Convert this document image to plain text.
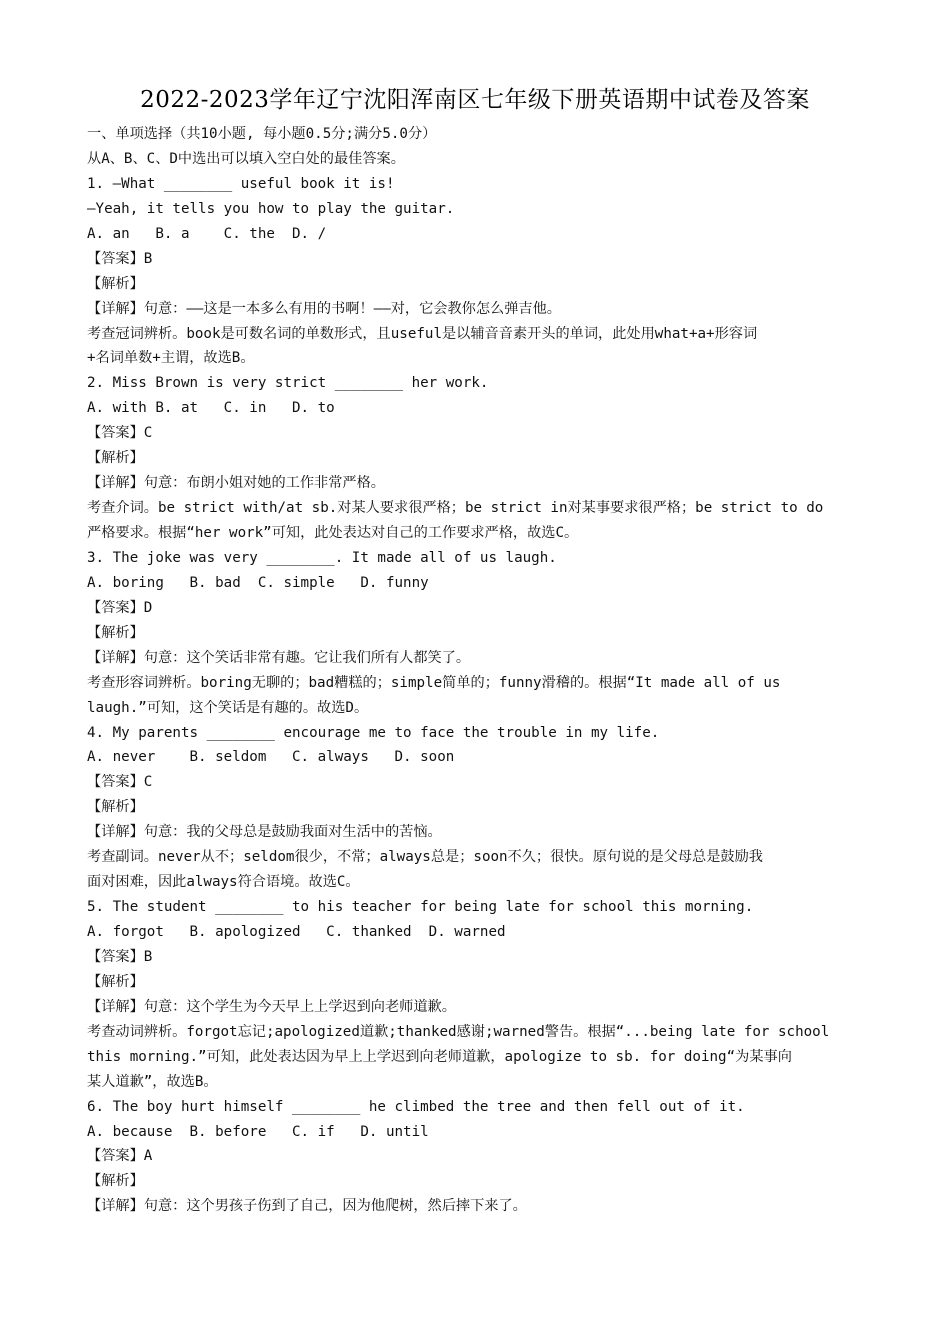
2022-2023学年辽宁沈阳浑南区七年级下册英语期中试卷及答案
一、单项选择（共10小题, 每小题0.5分;满分5.0分）
从A、B、C、D中选出可以填入空白处的最佳答案。
1. —What ________ useful book it is!
—Yeah, it tells you how to play the guitar.
A. an   B. a    C. the  D. /
【答案】B
【解析】
【详解】句意：——这是一本多么有用的书啊！——对，它会教你怎么弹吉他。
考查冠词辨析。book是可数名词的单数形式，且useful是以辅音音素开头的单词，此处用what+a+形容词
+名词单数+主谓，故选B。
2. Miss Brown is very strict ________ her work.
A. with B. at   C. in   D. to
【答案】C
【解析】
【详解】句意：布朗小姐对她的工作非常严格。
考查介词。be strict with/at sb.对某人要求很严格；be strict in对某事要求很严格；be strict to do
严格要求。根据“her work”可知，此处表达对自己的工作要求严格，故选C。
3. The joke was very ________. It made all of us laugh.
A. boring   B. bad  C. simple   D. funny
【答案】D
【解析】
【详解】句意：这个笑话非常有趣。它让我们所有人都笑了。
考查形容词辨析。boring无聊的；bad糟糕的；simple简单的；funny滑稽的。根据“It made all of us
laugh.”可知，这个笑话是有趣的。故选D。
4. My parents ________ encourage me to face the trouble in my life.
A. never    B. seldom   C. always   D. soon
【答案】C
【解析】
【详解】句意：我的父母总是鼓励我面对生活中的苦恼。
考查副词。never从不；seldom很少，不常；always总是；soon不久；很快。原句说的是父母总是鼓励我
面对困难，因此always符合语境。故选C。
5. The student ________ to his teacher for being late for school this morning.
A. forgot   B. apologized   C. thanked  D. warned
【答案】B
【解析】
【详解】句意：这个学生为今天早上上学迟到向老师道歉。
考查动词辨析。forgot忘记;apologized道歉;thanked感谢;warned警告。根据“...being late for school
this morning.”可知，此处表达因为早上上学迟到向老师道歉，apologize to sb. for doing“为某事向
某人道歉”，故选B。
6. The boy hurt himself ________ he climbed the tree and then fell out of it.
A. because  B. before   C. if   D. until
【答案】A
【解析】
【详解】句意：这个男孩子伤到了自己，因为他爬树，然后摔下来了。
